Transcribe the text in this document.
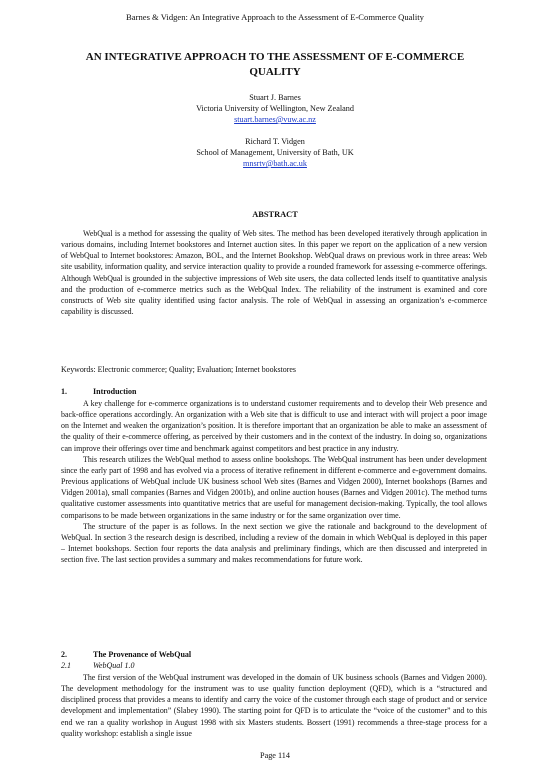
Barnes & Vidgen: An Integrative Approach to the Assessment of E-Commerce Quality
AN INTEGRATIVE APPROACH TO THE ASSESSMENT OF E-COMMERCE QUALITY
Stuart J. Barnes
Victoria University of Wellington, New Zealand
stuart.barnes@vuw.ac.nz
Richard T. Vidgen
School of Management, University of Bath, UK
mnsrtv@bath.ac.uk
ABSTRACT
WebQual is a method for assessing the quality of Web sites. The method has been developed iteratively through application in various domains, including Internet bookstores and Internet auction sites. In this paper we report on the application of a new version of WebQual to Internet bookstores: Amazon, BOL, and the Internet Bookshop. WebQual draws on previous work in three areas: Web site usability, information quality, and service interaction quality to provide a rounded framework for assessing e-commerce offerings. Although WebQual is grounded in the subjective impressions of Web site users, the data collected lends itself to quantitative analysis and the production of e-commerce metrics such as the WebQual Index. The reliability of the instrument is examined and core constructs of Web site quality identified using factor analysis. The role of WebQual in assessing an organization’s e-commerce capability is discussed.
Keywords: Electronic commerce; Quality; Evaluation; Internet bookstores
1.	Introduction

A key challenge for e-commerce organizations is to understand customer requirements and to develop their Web presence and back-office operations accordingly. An organization with a Web site that is difficult to use and interact with will project a poor image on the Internet and weaken the organization’s position. It is therefore important that an organization be able to make an assessment of the quality of their e-commerce offering, as perceived by their customers and in the context of the industry. In doing so, organizations can improve their offerings over time and benchmark against competitors and best practice in any industry.

This research utilizes the WebQual method to assess online bookshops. The WebQual instrument has been under development since the early part of 1998 and has evolved via a process of iterative refinement in different e-commerce and e-government domains. Previous applications of WebQual include UK business school Web sites (Barnes and Vidgen 2000), Internet bookshops (Barnes and Vidgen 2001a), small companies (Barnes and Vidgen 2001b), and online auction houses (Barnes and Vidgen 2001c). The method turns qualitative customer assessments into quantitative metrics that are useful for management decision-making. Typically, the tool allows comparisons to be made between organizations in the same industry or for the same organization over time.

The structure of the paper is as follows. In the next section we give the rationale and background to the development of WebQual. In section 3 the research design is described, including a review of the domain in which WebQual is deployed in this paper – Internet bookshops. Section four reports the data analysis and preliminary findings, which are then discussed and interpreted in section five. The last section provides a summary and makes recommendations for future work.

2.	The Provenance of WebQual
2.1	WebQual 1.0
The first version of the WebQual instrument was developed in the domain of UK business schools (Barnes and Vidgen 2000). The development methodology for the instrument was to use quality function deployment (QFD), which is a “structured and disciplined process that provides a means to identify and carry the voice of the customer through each stage of product and or service development and implementation” (Slabey 1990). The starting point for QFD is to articulate the “voice of the customer” and to this end we ran a quality workshop in August 1998 with six Masters students. Bossert (1991) recommends a three-stage process for a quality workshop: establish a single issue
Page 114
